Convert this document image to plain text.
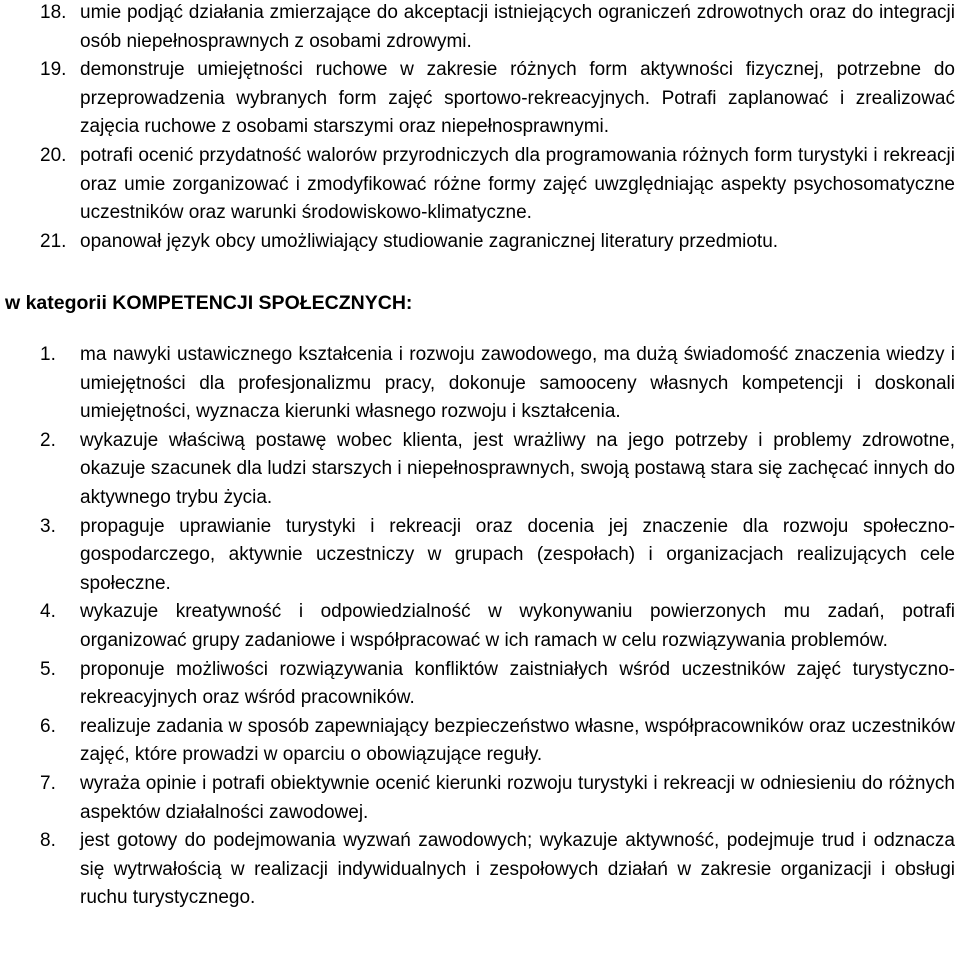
18. umie podjąć działania zmierzające do akceptacji istniejących ograniczeń zdrowotnych oraz do integracji osób niepełnosprawnych z osobami zdrowymi.
19. demonstruje umiejętności ruchowe w zakresie różnych form aktywności fizycznej, potrzebne do przeprowadzenia wybranych form zajęć sportowo-rekreacyjnych. Potrafi zaplanować i zrealizować zajęcia ruchowe z osobami starszymi oraz niepełnosprawnymi.
20. potrafi ocenić przydatność walorów przyrodniczych dla programowania różnych form turystyki i rekreacji oraz umie zorganizować i zmodyfikować różne formy zajęć uwzględniając aspekty psychosomatyczne uczestników oraz warunki środowiskowo-klimatyczne.
21. opanował język obcy umożliwiający studiowanie zagranicznej literatury przedmiotu.
w kategorii KOMPETENCJI SPOŁECZNYCH:
1. ma nawyki ustawicznego kształcenia i rozwoju zawodowego, ma dużą świadomość znaczenia wiedzy i umiejętności dla profesjonalizmu pracy, dokonuje samooceny własnych kompetencji i doskonali umiejętności, wyznacza kierunki własnego rozwoju i kształcenia.
2. wykazuje właściwą postawę wobec klienta, jest wrażliwy na jego potrzeby i problemy zdrowotne, okazuje szacunek dla ludzi starszych i niepełnosprawnych, swoją postawą stara się zachęcać innych do aktywnego trybu życia.
3. propaguje uprawianie turystyki i rekreacji oraz docenia jej znaczenie dla rozwoju społeczno-gospodarczego, aktywnie uczestniczy w grupach (zespołach) i organizacjach realizujących cele społeczne.
4. wykazuje kreatywność i odpowiedzialność w wykonywaniu powierzonych mu zadań, potrafi organizować grupy zadaniowe i współpracować w ich ramach w celu rozwiązywania problemów.
5. proponuje możliwości rozwiązywania konfliktów zaistniałych wśród uczestników zajęć turystyczno-rekreacyjnych oraz wśród pracowników.
6. realizuje zadania w sposób zapewniający bezpieczeństwo własne, współpracowników oraz uczestników zajęć, które prowadzi w oparciu o obowiązujące reguły.
7. wyraża opinie i potrafi obiektywnie ocenić kierunki rozwoju turystyki i rekreacji w odniesieniu do różnych aspektów działalności zawodowej.
8. jest gotowy do podejmowania wyzwań zawodowych; wykazuje aktywność, podejmuje trud i odznacza się wytrwałością w realizacji indywidualnych i zespołowych działań w zakresie organizacji i obsługi ruchu turystycznego.
